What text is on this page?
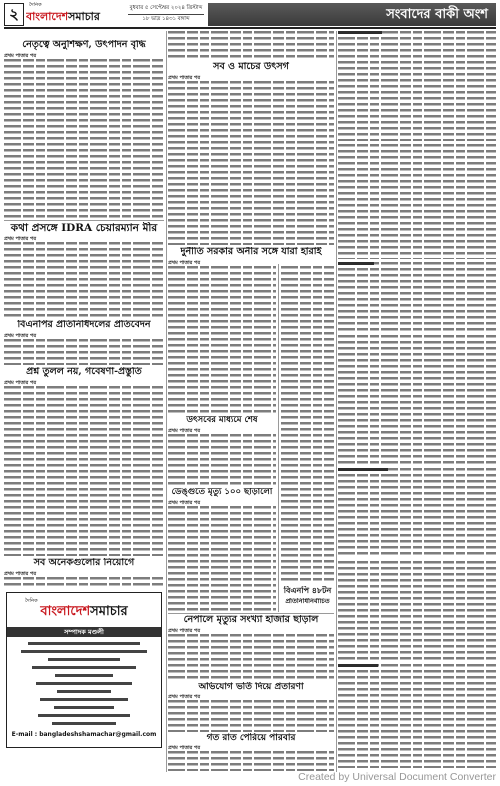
২	দৈনিক
বাংলাদেশসমাচার
বুধবার ৫ সেপ্টেম্বর ২০২৪ খ্রিস্টাব্দ
১৮ ভাদ্র ১৪৩১ বঙ্গাব্দ	সংবাদের বাকী অংশ
নেতৃত্বে অনুশিক্ষণ, উৎপাদন বৃদ্ধি
প্রথম পাতার পর
কথা প্রসঙ্গে IDRA চেয়ারম্যান মীর
প্রথম পাতার পর
বিএনপির প্রতিনিধিদলের প্রতিবেদন
প্রথম পাতার পর
প্রশ্ন তুলল নয়, গবেষণা-প্রস্তুতি
প্রথম পাতার পর
সব অনেকগুলোর নিয়োগে
প্রথম পাতার পর
দৈনিক
বাংলাদেশসমাচার
সম্পাদক মণ্ডলী
E-mail : bangladeshshamachar@gmail.com
সব ও মাচের উৎসর্গ
প্রথম পাতার পর
দুর্নীতি সরকার অনীর সঙ্গে যারা হারাই
প্রথম পাতার পর
উৎসবের মাধ্যমে শেষ
প্রথম পাতার পর
ডেঙ্গুতে মৃত্যু ১০০ ছাড়ালো
প্রথম পাতার পর
বিএনপি ৪৮টন
প্রতিনিধিনির্বাচিত
নেপালে মৃত্যুর সংখ্যা হাজার ছাড়াল
প্রথম পাতার পর
অভিযোগ ভর্তি দিয়ে প্রতারণা
প্রথম পাতার পর
গত রাত পেরিয়ে পারবার
প্রথম পাতার পর
Created by Universal Document Converter
